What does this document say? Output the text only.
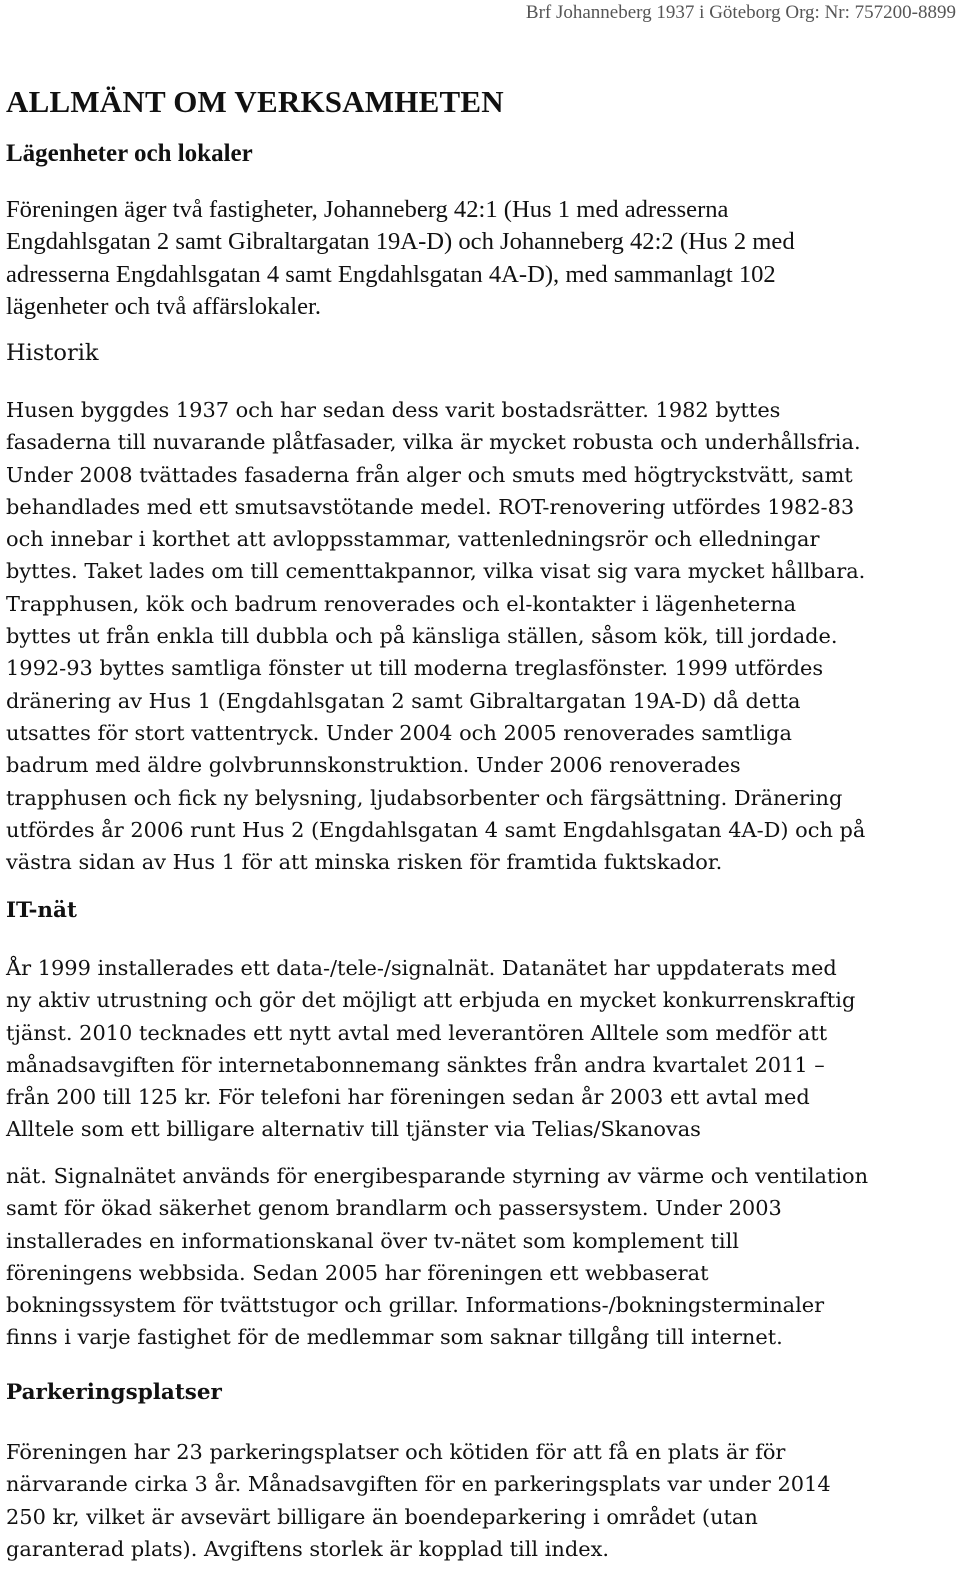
Brf Johanneberg 1937 i Göteborg Org: Nr: 757200-8899
ALLMÄNT OM VERKSAMHETEN
Lägenheter och lokaler
Föreningen äger två fastigheter, Johanneberg 42:1 (Hus 1 med adresserna
Engdahlsgatan 2 samt Gibraltargatan 19A-D) och Johanneberg 42:2 (Hus 2 med
adresserna Engdahlsgatan 4 samt Engdahlsgatan 4A-D), med sammanlagt 102
lägenheter och två affärslokaler.
Historik
Husen byggdes 1937 och har sedan dess varit bostadsrätter. 1982 byttes
fasaderna till nuvarande plåtfasader, vilka är mycket robusta och underhållsfria.
Under 2008 tvättades fasaderna från alger och smuts med högtryckstvätt, samt
behandlades med ett smutsavstötande medel. ROT-renovering utfördes 1982-83
och innebar i korthet att avloppsstammar, vattenledningsrör och elledningar
byttes. Taket lades om till cementtakpannor, vilka visat sig vara mycket hållbara.
Trapphusen, kök och badrum renoverades och el-kontakter i lägenheterna
byttes ut från enkla till dubbla och på känsliga ställen, såsom kök, till jordade.
1992-93 byttes samtliga fönster ut till moderna treglasfönster. 1999 utfördes
dränering av Hus 1 (Engdahlsgatan 2 samt Gibraltargatan 19A-D) då detta
utsattes för stort vattentryck. Under 2004 och 2005 renoverades samtliga
badrum med äldre golvbrunnskonstruktion. Under 2006 renoverades
trapphusen och fick ny belysning, ljudabsorbenter och färgsättning. Dränering
utfördes år 2006 runt Hus 2 (Engdahlsgatan 4 samt Engdahlsgatan 4A-D) och på
västra sidan av Hus 1 för att minska risken för framtida fuktskador.
IT-nät
År 1999 installerades ett data-/tele-/signalnät. Datanätet har uppdaterats med
ny aktiv utrustning och gör det möjligt att erbjuda en mycket konkurrenskraftig
tjänst. 2010 tecknades ett nytt avtal med leverantören Alltele som medför att
månadsavgiften för internetabonnemang sänktes från andra kvartalet 2011 –
från 200 till 125 kr. För telefoni har föreningen sedan år 2003 ett avtal med
Alltele som ett billigare alternativ till tjänster via Telias/Skanovas
nät. Signalnätet används för energibesparande styrning av värme och ventilation
samt för ökad säkerhet genom brandlarm och passersystem. Under 2003
installerades en informationskanal över tv-nätet som komplement till
föreningens webbsida. Sedan 2005 har föreningen ett webbaserat
bokningssystem för tvättstugor och grillar. Informations-/bokningsterminaler
finns i varje fastighet för de medlemmar som saknar tillgång till internet.
Parkeringsplatser
Föreningen har 23 parkeringsplatser och kötiden för att få en plats är för
närvarande cirka 3 år. Månadsavgiften för en parkeringsplats var under 2014
250 kr, vilket är avsevärt billigare än boendeparkering i området (utan
garanterad plats). Avgiftens storlek är kopplad till index.
